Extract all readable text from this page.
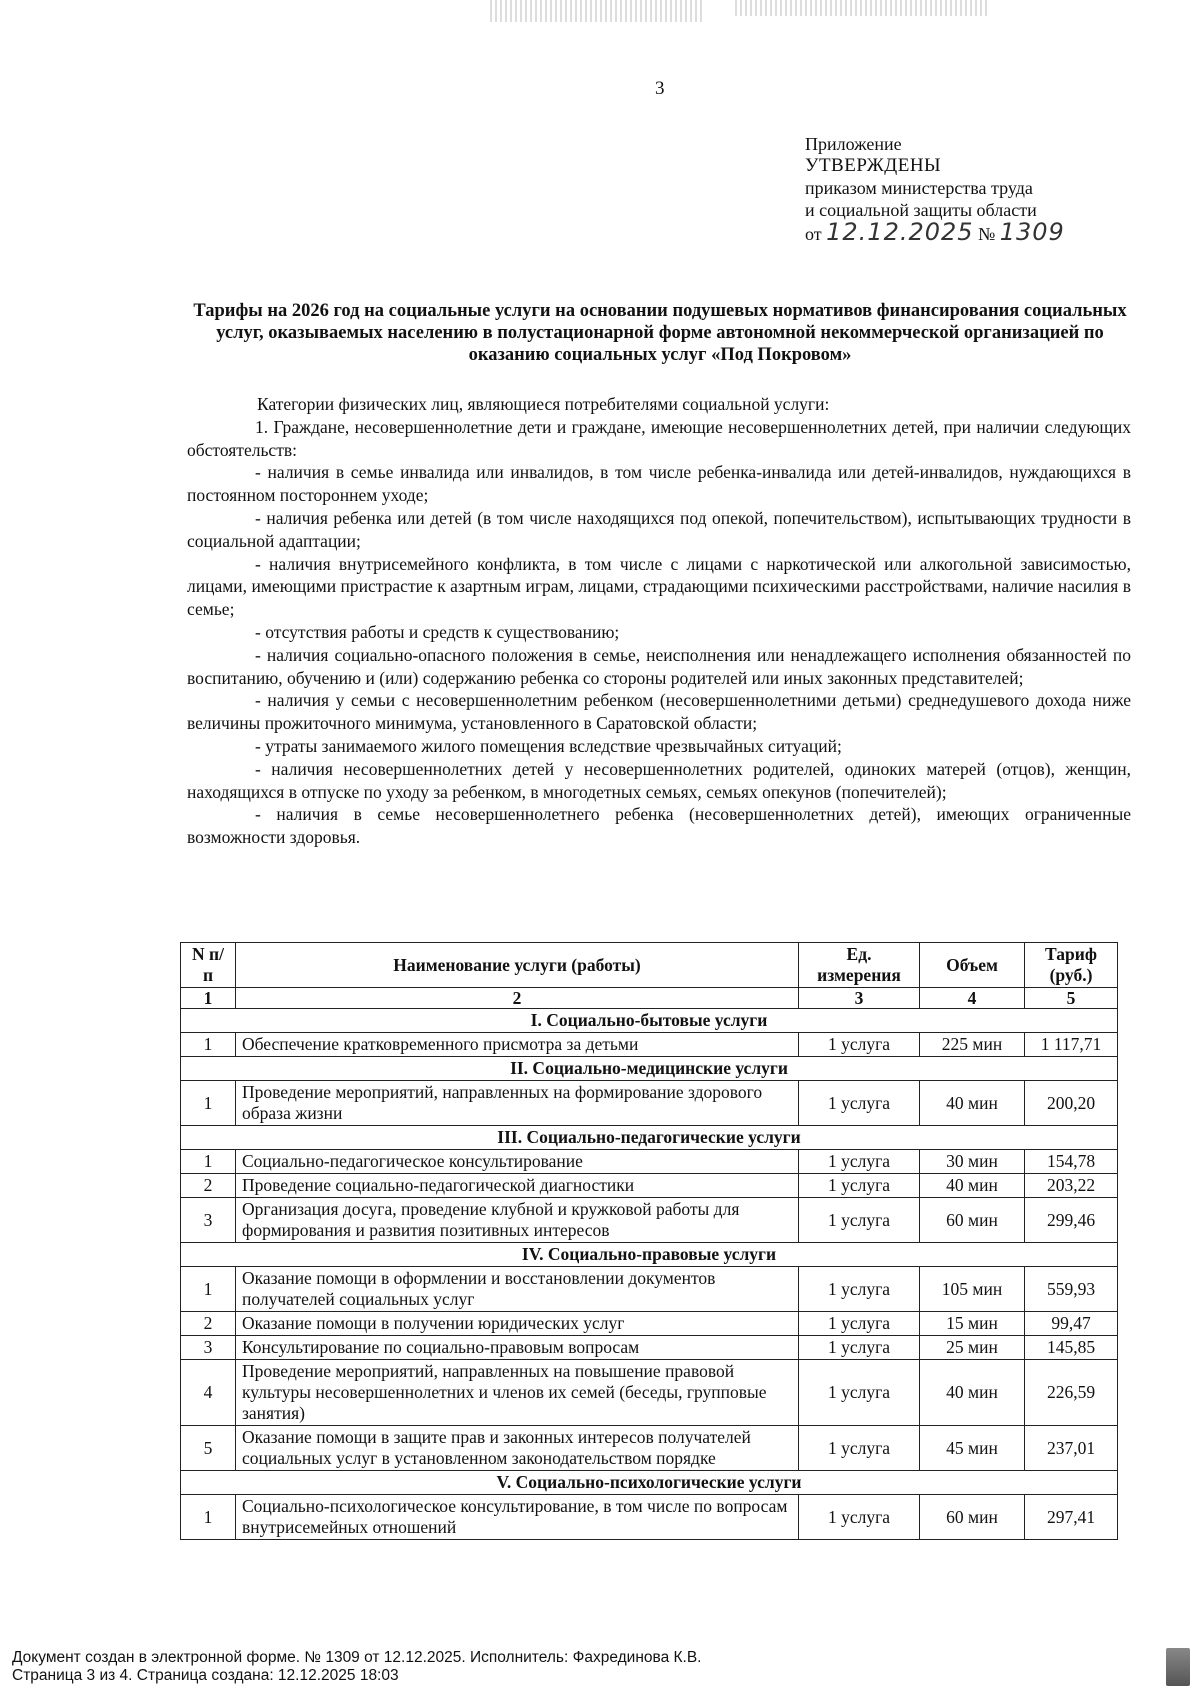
3
Приложение
УТВЕРЖДЕНЫ
приказом министерства труда
и социальной защиты области
от 12.12.2025 № 1309
Тарифы на 2026 год на социальные услуги на основании подушевых нормативов финансирования социальных услуг, оказываемых населению в полустационарной форме автономной некоммерческой организацией по оказанию социальных услуг «Под Покровом»

Категории физических лиц, являющиеся потребителями социальной услуги:

1. Граждане, несовершеннолетние дети и граждане, имеющие несовершеннолетних детей, при наличии следующих обстоятельств:

- наличия в семье инвалида или инвалидов, в том числе ребенка-инвалида или детей-инвалидов, нуждающихся в постоянном постороннем уходе;

- наличия ребенка или детей (в том числе находящихся под опекой, попечительством), испытывающих трудности в социальной адаптации;

- наличия внутрисемейного конфликта, в том числе с лицами с наркотической или алкогольной зависимостью, лицами, имеющими пристрастие к азартным играм, лицами, страдающими психическими расстройствами, наличие насилия в семье;

- отсутствия работы и средств к существованию;

- наличия социально-опасного положения в семье, неисполнения или ненадлежащего исполнения обязанностей по воспитанию, обучению и (или) содержанию ребенка со стороны родителей или иных законных представителей;

- наличия у семьи с несовершеннолетним ребенком (несовершеннолетними детьми) среднедушевого дохода ниже величины прожиточного минимума, установленного в Саратовской области;

- утраты занимаемого жилого помещения вследствие чрезвычайных ситуаций;

- наличия несовершеннолетних детей у несовершеннолетних родителей, одиноких матерей (отцов), женщин, находящихся в отпуске по уходу за ребенком, в многодетных семьях, семьях опекунов (попечителей);

- наличия в семье несовершеннолетнего ребенка (несовершеннолетних детей), имеющих ограниченные возможности здоровья.

N п/п	Наименование услуги (работы)	Ед. измерения	Объем	Тариф (руб.)
1	2	3	4	5
I. Социально-бытовые услуги				
1	Обеспечение кратковременного присмотра за детьми	1 услуга	225 мин	1 117,71
II. Социально-медицинские услуги				
1	Проведение мероприятий, направленных на формирование здорового образа жизни	1 услуга	40 мин	200,20
III. Социально-педагогические услуги				
1	Социально-педагогическое консультирование	1 услуга	30 мин	154,78
2	Проведение социально-педагогической диагностики	1 услуга	40 мин	203,22
3	Организация досуга, проведение клубной и кружковой работы для формирования и развития позитивных интересов	1 услуга	60 мин	299,46
IV. Социально-правовые услуги				
1	Оказание помощи в оформлении и восстановлении документов получателей социальных услуг	1 услуга	105 мин	559,93
2	Оказание помощи в получении юридических услуг	1 услуга	15 мин	99,47
3	Консультирование по социально-правовым вопросам	1 услуга	25 мин	145,85
4	Проведение мероприятий, направленных на повышение правовой культуры несовершеннолетних и членов их семей (беседы, групповые занятия)	1 услуга	40 мин	226,59
5	Оказание помощи в защите прав и законных интересов получателей социальных услуг в установленном законодательством порядке	1 услуга	45 мин	237,01
V. Социально-психологические услуги				
1	Социально-психологическое консультирование, в том числе по вопросам внутрисемейных отношений	1 услуга	60 мин	297,41
Документ создан в электронной форме. № 1309 от 12.12.2025. Исполнитель: Фахрединова К.В.
Страница 3 из 4. Страница создана: 12.12.2025 18:03
